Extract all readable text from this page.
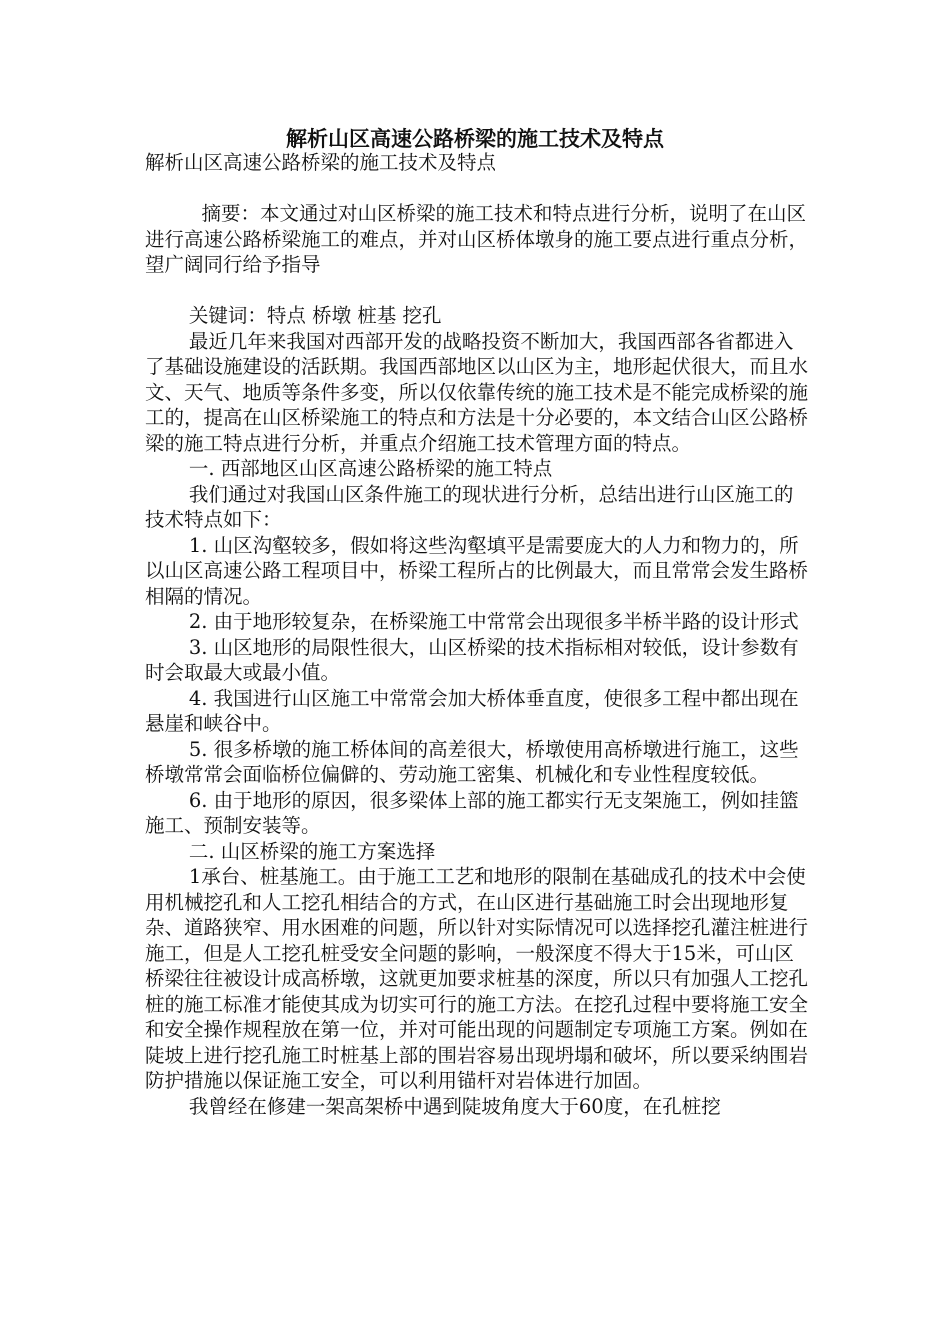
解析山区高速公路桥梁的施工技术及特点

解析山区高速公路桥梁的施工技术及特点

摘要：本文通过对山区桥梁的施工技术和特点进行分析，说明了在山区进行高速公路桥梁施工的难点，并对山区桥体墩身的施工要点进行重点分析，望广阔同行给予指导

关键词：特点 桥墩 桩基 挖孔

最近几年来我国对西部开发的战略投资不断加大，我国西部各省都进入了基础设施建设的活跃期。我国西部地区以山区为主，地形起伏很大，而且水文、天气、地质等条件多变，所以仅依靠传统的施工技术是不能完成桥梁的施工的，提高在山区桥梁施工的特点和方法是十分必要的，本文结合山区公路桥梁的施工特点进行分析，并重点介绍施工技术管理方面的特点。

一. 西部地区山区高速公路桥梁的施工特点

我们通过对我国山区条件施工的现状进行分析，总结出进行山区施工的技术特点如下：

1. 山区沟壑较多，假如将这些沟壑填平是需要庞大的人力和物力的，所以山区高速公路工程项目中，桥梁工程所占的比例最大，而且常常会发生路桥相隔的情况。

2. 由于地形较复杂，在桥梁施工中常常会出现很多半桥半路的设计形式

3. 山区地形的局限性很大，山区桥梁的技术指标相对较低，设计参数有时会取最大或最小值。

4. 我国进行山区施工中常常会加大桥体垂直度，使很多工程中都出现在悬崖和峡谷中。

5. 很多桥墩的施工桥体间的高差很大，桥墩使用高桥墩进行施工，这些桥墩常常会面临桥位偏僻的、劳动施工密集、机械化和专业性程度较低。

6. 由于地形的原因，很多梁体上部的施工都实行无支架施工，例如挂篮施工、预制安装等。

二. 山区桥梁的施工方案选择

1承台、桩基施工。由于施工工艺和地形的限制在基础成孔的技术中会使用机械挖孔和人工挖孔相结合的方式，在山区进行基础施工时会出现地形复杂、道路狭窄、用水困难的问题，所以针对实际情况可以选择挖孔灌注桩进行施工，但是人工挖孔桩受安全问题的影响，一般深度不得大于15米，可山区桥梁往往被设计成高桥墩，这就更加要求桩基的深度，所以只有加强人工挖孔桩的施工标准才能使其成为切实可行的施工方法。在挖孔过程中要将施工安全和安全操作规程放在第一位，并对可能出现的问题制定专项施工方案。例如在陡坡上进行挖孔施工时桩基上部的围岩容易出现坍塌和破坏，所以要采纳围岩防护措施以保证施工安全，可以利用锚杆对岩体进行加固。

我曾经在修建一架高架桥中遇到陡坡角度大于60度，在孔桩挖
